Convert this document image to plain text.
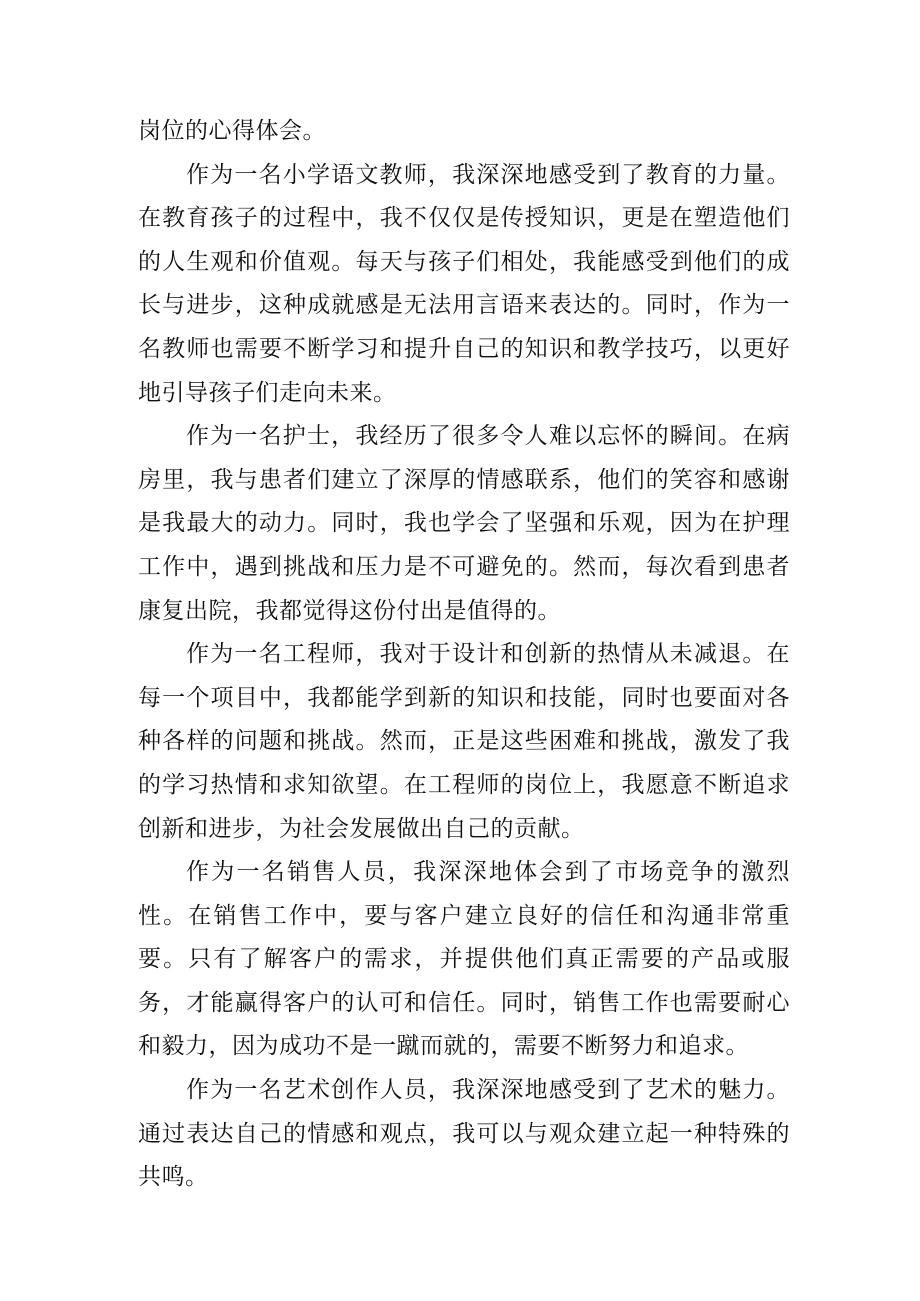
岗位的心得体会。

作为一名小学语文教师，我深深地感受到了教育的力量。在教育孩子的过程中，我不仅仅是传授知识，更是在塑造他们的人生观和价值观。每天与孩子们相处，我能感受到他们的成长与进步，这种成就感是无法用言语来表达的。同时，作为一名教师也需要不断学习和提升自己的知识和教学技巧，以更好地引导孩子们走向未来。

作为一名护士，我经历了很多令人难以忘怀的瞬间。在病房里，我与患者们建立了深厚的情感联系，他们的笑容和感谢是我最大的动力。同时，我也学会了坚强和乐观，因为在护理工作中，遇到挑战和压力是不可避免的。然而，每次看到患者康复出院，我都觉得这份付出是值得的。

作为一名工程师，我对于设计和创新的热情从未减退。在每一个项目中，我都能学到新的知识和技能，同时也要面对各种各样的问题和挑战。然而，正是这些困难和挑战，激发了我的学习热情和求知欲望。在工程师的岗位上，我愿意不断追求创新和进步，为社会发展做出自己的贡献。

作为一名销售人员，我深深地体会到了市场竞争的激烈性。在销售工作中，要与客户建立良好的信任和沟通非常重要。只有了解客户的需求，并提供他们真正需要的产品或服务，才能赢得客户的认可和信任。同时，销售工作也需要耐心和毅力，因为成功不是一蹴而就的，需要不断努力和追求。

作为一名艺术创作人员，我深深地感受到了艺术的魅力。通过表达自己的情感和观点，我可以与观众建立起一种特殊的共鸣。
